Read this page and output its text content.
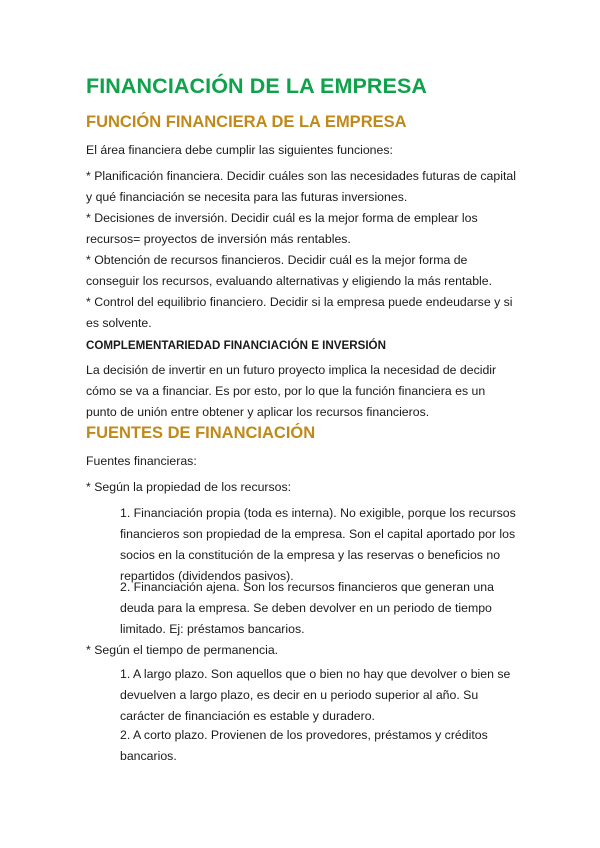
FINANCIACIÓN DE LA EMPRESA
FUNCIÓN FINANCIERA DE LA EMPRESA

El área financiera debe cumplir las siguientes funciones:

* Planificación financiera. Decidir cuáles son las necesidades futuras de capital y qué financiación se necesita para las futuras inversiones.

* Decisiones de inversión. Decidir cuál es la mejor forma de emplear los recursos= proyectos de inversión más rentables.

* Obtención de recursos financieros. Decidir cuál es la mejor forma de conseguir los recursos, evaluando alternativas y eligiendo la más rentable.

* Control del equilibrio financiero. Decidir si la empresa puede endeudarse y si es solvente.

COMPLEMENTARIEDAD FINANCIACIÓN E INVERSIÓN

La decisión de invertir en un futuro proyecto implica la necesidad de decidir cómo se va a financiar. Es por esto, por lo que la función financiera es un punto de unión entre obtener y aplicar los recursos financieros.

FUENTES DE FINANCIACIÓN

Fuentes financieras:

* Según la propiedad de los recursos:

1. Financiación propia (toda es interna). No exigible, porque los recursos financieros son propiedad de la empresa. Son el capital aportado por los socios en la constitución de la empresa y las reservas o beneficios no repartidos (dividendos pasivos).

2. Financiación ajena. Son los recursos financieros que generan una deuda para la empresa. Se deben devolver en un periodo de tiempo limitado. Ej: préstamos bancarios.

* Según el tiempo de permanencia.

1. A largo plazo. Son aquellos que o bien no hay que devolver o bien se devuelven a largo plazo, es decir en u periodo superior al año. Su carácter de financiación es estable y duradero.

2. A corto plazo. Provienen de los provedores, préstamos y créditos bancarios.
